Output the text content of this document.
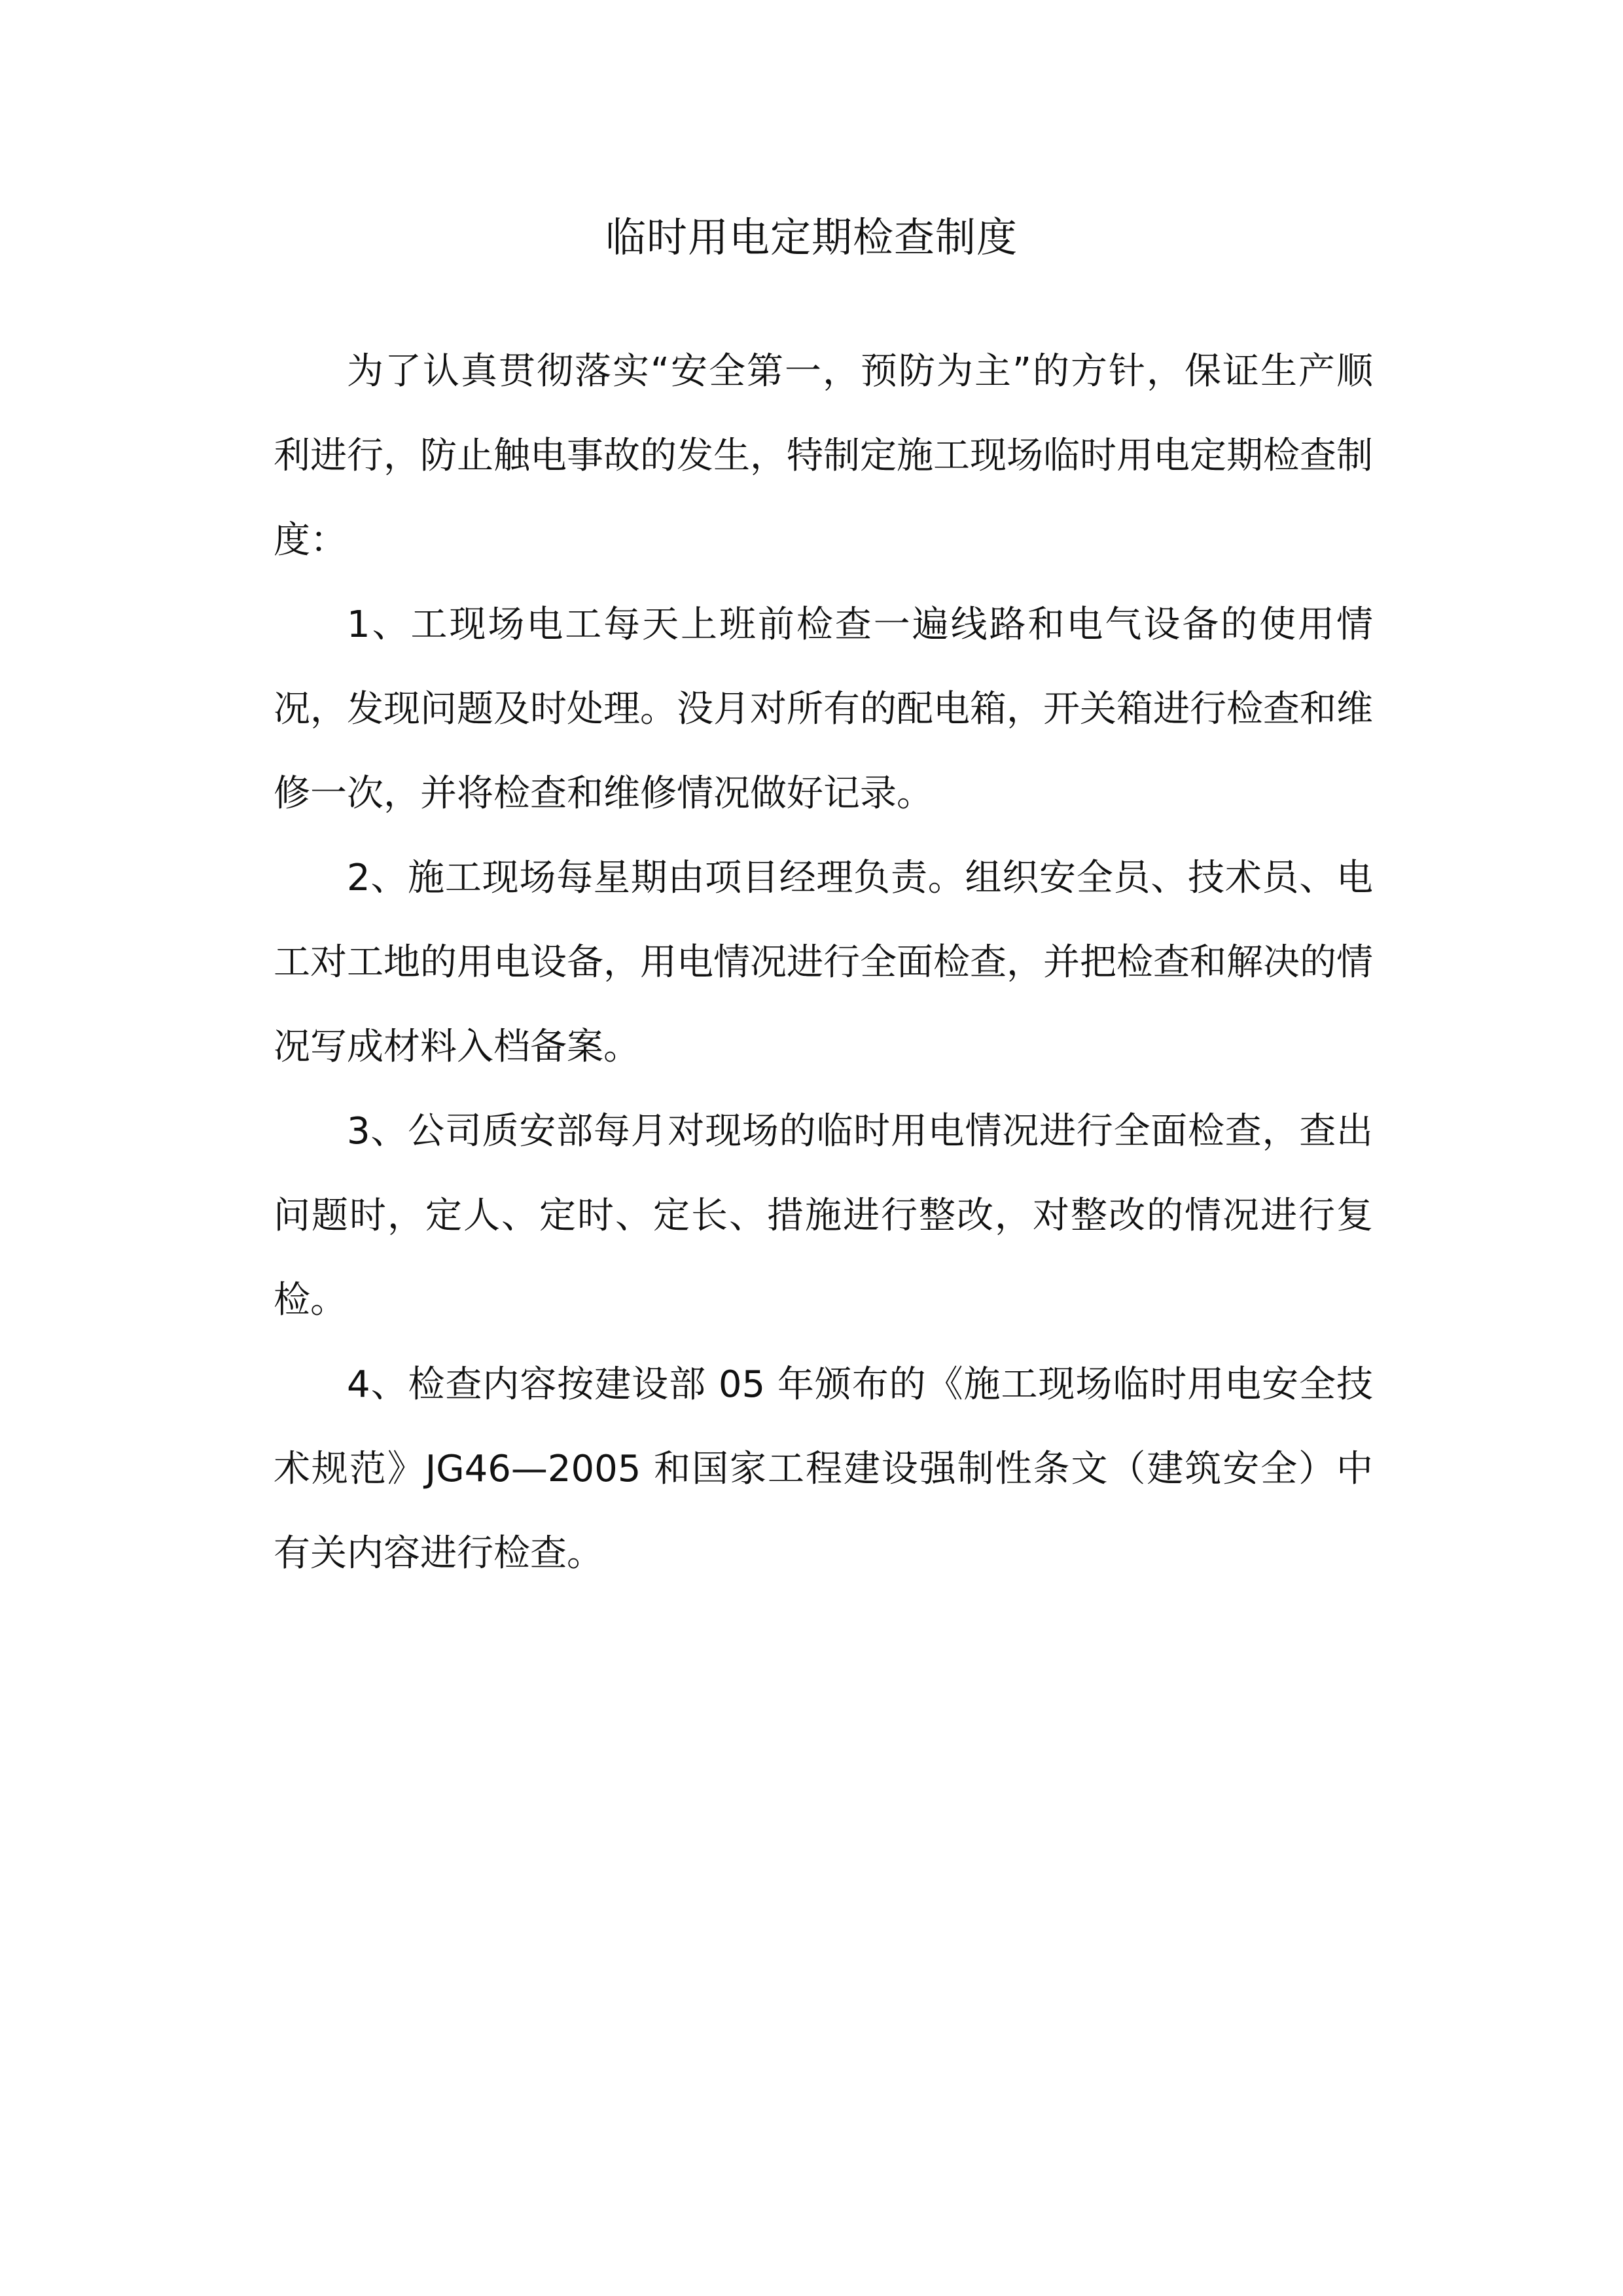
临时用电定期检查制度

为了认真贯彻落实“安全第一，预防为主”的方针，保证生产顺利进行，防止触电事故的发生，特制定施工现场临时用电定期检查制度：

1、工现场电工每天上班前检查一遍线路和电气设备的使用情况，发现问题及时处理。没月对所有的配电箱，开关箱进行检查和维修一次，并将检查和维修情况做好记录。

2、施工现场每星期由项目经理负责。组织安全员、技术员、电工对工地的用电设备，用电情况进行全面检查，并把检查和解决的情况写成材料入档备案。

3、公司质安部每月对现场的临时用电情况进行全面检查，查出问题时，定人、定时、定长、措施进行整改，对整改的情况进行复检。

4、检查内容按建设部 05 年颁布的《施工现场临时用电安全技术规范》JG46—2005 和国家工程建设强制性条文（建筑安全）中有关内容进行检查。
